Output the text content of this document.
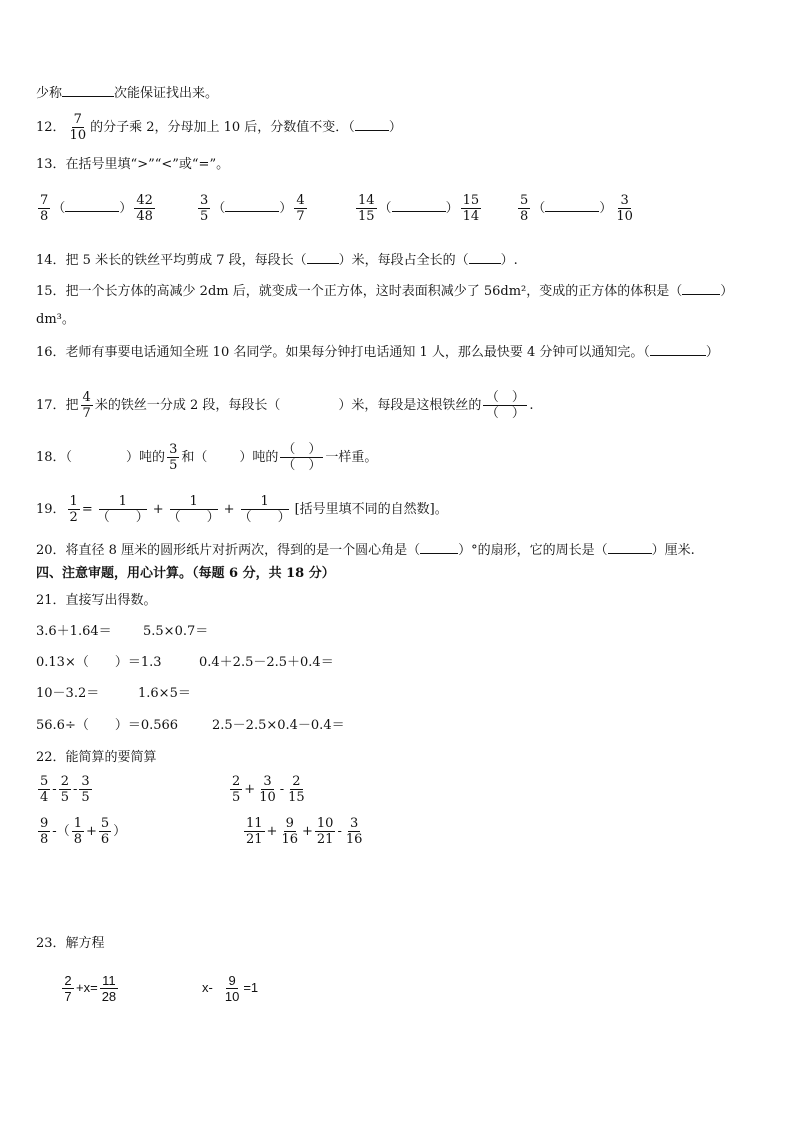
少称	次能保证找出来。
12． $\frac{7}{10}$ 的分子乘 2，分母加上 10 后，分数值不变．（	）
13．在括号里填“>”“<”或“=”。
$\frac{7}{8}$ （	） $\frac{42}{48}$	$\frac{3}{5}$ （	） $\frac{4}{7}$	$\frac{14}{15}$ （	） $\frac{15}{14}$	$\frac{5}{8}$ （	） $\frac{3}{10}$
14．把 5 米长的铁丝平均剪成 7 段，每段长（ ）米，每段占全长的（ ）.
15．把一个长方体的高减少 2dm 后，就变成一个正方体，这时表面积减少了 56dm²，变成的正方体的体积是（	）
dm³。
16．老师有事要电话通知全班 10 名同学。如果每分钟打电话通知 1 人，那么最快要 4 分钟可以通知完。（	）
17．把 $\frac{4}{7}$ 米的铁丝一分成 2 段，每段长（	）米，每段是这根铁丝的
（　）
（　）
.
18．（	）吨的 $\frac{3}{5}$ 和（ ）吨的
（　）
（　）
一样重。
19． $\frac{1}{2}$ =
1
（　　）
+
1
（　　）
+
1
（　　）
[括号里填不同的自然数]。
20．将直径 8 厘米的圆形纸片对折两次，得到的是一个圆心角是（	）°的扇形，它的周长是（	）厘米.
四、注意审题，用心计算。（每题 6 分，共 18 分）
21．直接写出得数。
3.6＋1.64＝ 5.5×0.7＝
0.13×（　　）＝1.3	0.4＋2.5－2.5＋0.4＝
10－3.2＝	1.6×5＝
56.6÷（　　）＝0.566	2.5－2.5×0.4－0.4＝
22．能简算的要简算
$\frac{5}{4} - \frac{2}{5} - \frac{3}{5}$	$\frac{2}{5} + \frac{3}{10} - \frac{2}{15}$
$\frac{9}{8}$ -（ $\frac{1}{8} + \frac{5}{6}$ ）	$\frac{11}{21} + \frac{9}{16} + \frac{10}{21} - \frac{3}{16}$
23．解方程
$\frac{2}{7} +x= \frac{11}{28}$	$x- \frac{9}{10} =1$
